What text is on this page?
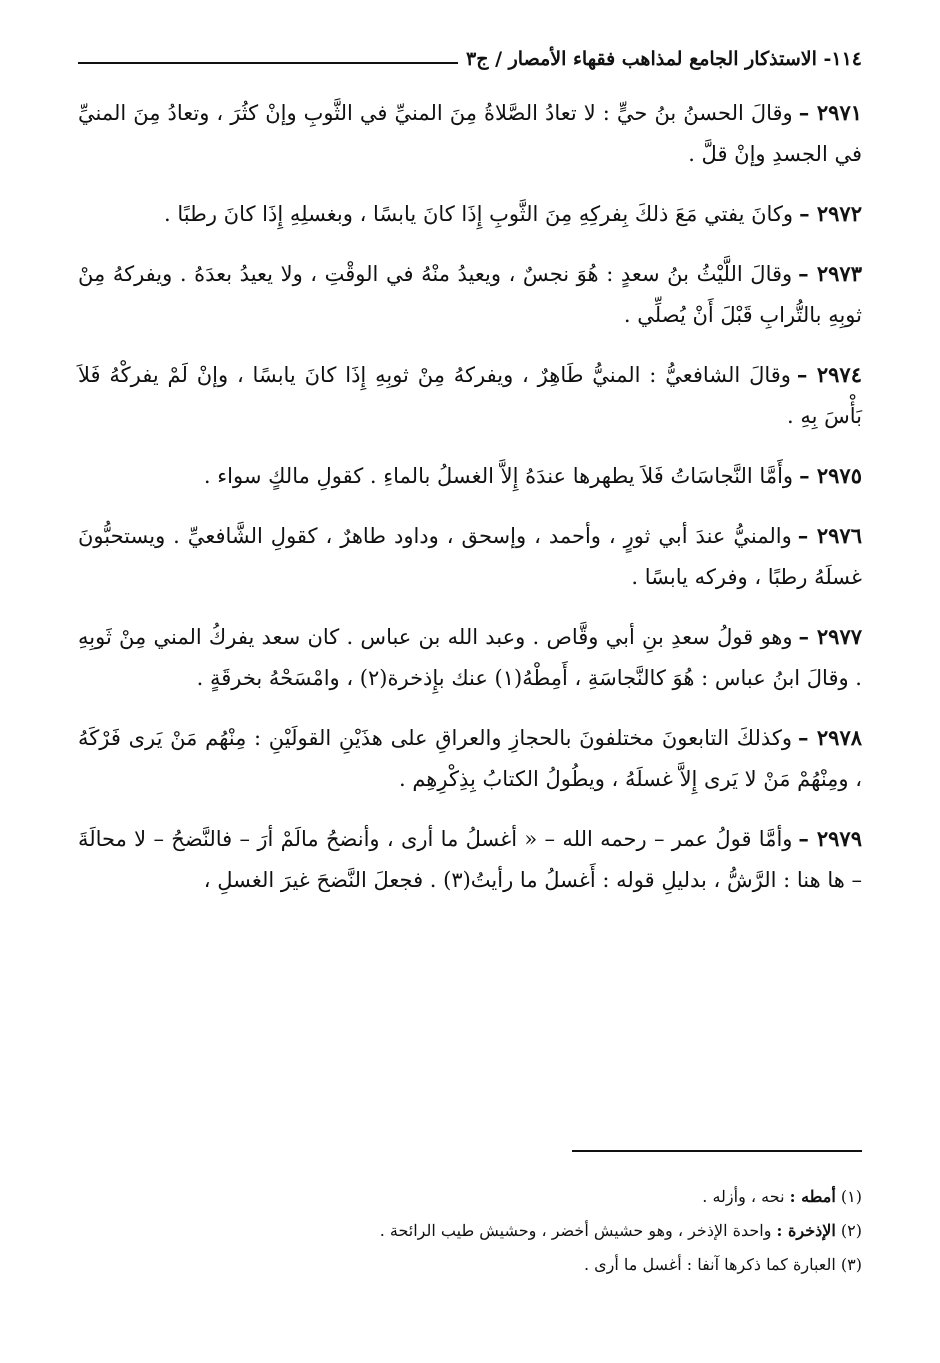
١١٤- الاستذكار الجامع لمذاهب فقهاء الأمصار / ج٣

٢٩٧١ –وقالَ الحسنُ بنُ حيٍّ : لا تعادُ الصَّلاةُ مِنَ المنيِّ في الثَّوبِ وإنْ كثُرَ ، وتعادُ مِنَ المنيِّ في الجسدِ وإنْ قلَّ .

٢٩٧٢ –وكانَ يفتي مَعَ ذلكَ بِفركِهِ مِنَ الثَّوبِ إِذَا كانَ يابسًا ، وبغسلِهِ إِذَا كانَ رطبًا .

٢٩٧٣ –وقالَ اللَّيْثُ بنُ سعدٍ : هُوَ نجسٌ ، ويعيدُ منْهُ في الوقْتِ ، ولا يعيدُ بعدَهُ . ويفركهُ مِنْ ثوبِهِ بالتُّرابِ قَبْلَ أَنْ يُصلِّي .

٢٩٧٤ –وقالَ الشافعيُّ : المنيُّ طَاهِرٌ ، ويفركهُ مِنْ ثوبِهِ إِذَا كانَ يابسًا ، وإنْ لَمْ يفركْهُ فَلاَ بَأْسَ بِهِ .

٢٩٧٥ –وأَمَّا النَّجاسَاتُ فَلاَ يطهرها عندَهُ إِلاَّ الغسلُ بالماءِ . كقولِ مالكٍ سواء .

٢٩٧٦ –والمنيُّ عندَ أبي ثورٍ ، وأحمد ، وإسحق ، وداود طاهرٌ ، كقولِ الشَّافعيِّ . ويستحبُّونَ غسلَهُ رطبًا ، وفركه يابسًا .

٢٩٧٧ –وهو قولُ سعدِ بنِ أبي وقَّاص . وعبد الله بن عباس . كان سعد يفركُ المني مِنْ ثَوبِهِ . وقالَ ابنُ عباس : هُوَ كالنَّجاسَةِ ، أَمِطْهُ(١) عنك بإِذخرة(٢) ، وامْسَحْهُ بخرقَةٍ .

٢٩٧٨ –وكذلكَ التابعونَ مختلفونَ بالحجازِ والعراقِ على هذَيْنِ القولَيْنِ : مِنْهُم مَنْ يَرى فَرْكَهُ ، ومِنْهُمْ مَنْ لا يَرى إِلاَّ غسلَهُ ، ويطُولُ الكتابُ بِذِكْرِهِم .

٢٩٧٩ –وأمَّا قولُ عمر – رحمه الله – « أغسلُ ما أرى ، وأنضحُ مالَمْ أرَ – فالنَّضحُ – لا محالَةَ – ها هنا : الرَّشُّ ، بدليلِ قوله : أَغسلُ ما رأيتُ(٣) . فجعلَ النَّضحَ غيرَ الغسلِ ،

(١) أمطه : نحه ، وأزله .

(٢) الإذخرة : واحدة الإذخر ، وهو حشيش أخضر ، وحشيش طيب الرائحة .

(٣) العبارة كما ذكرها آنفا : أغسل ما أرى .
